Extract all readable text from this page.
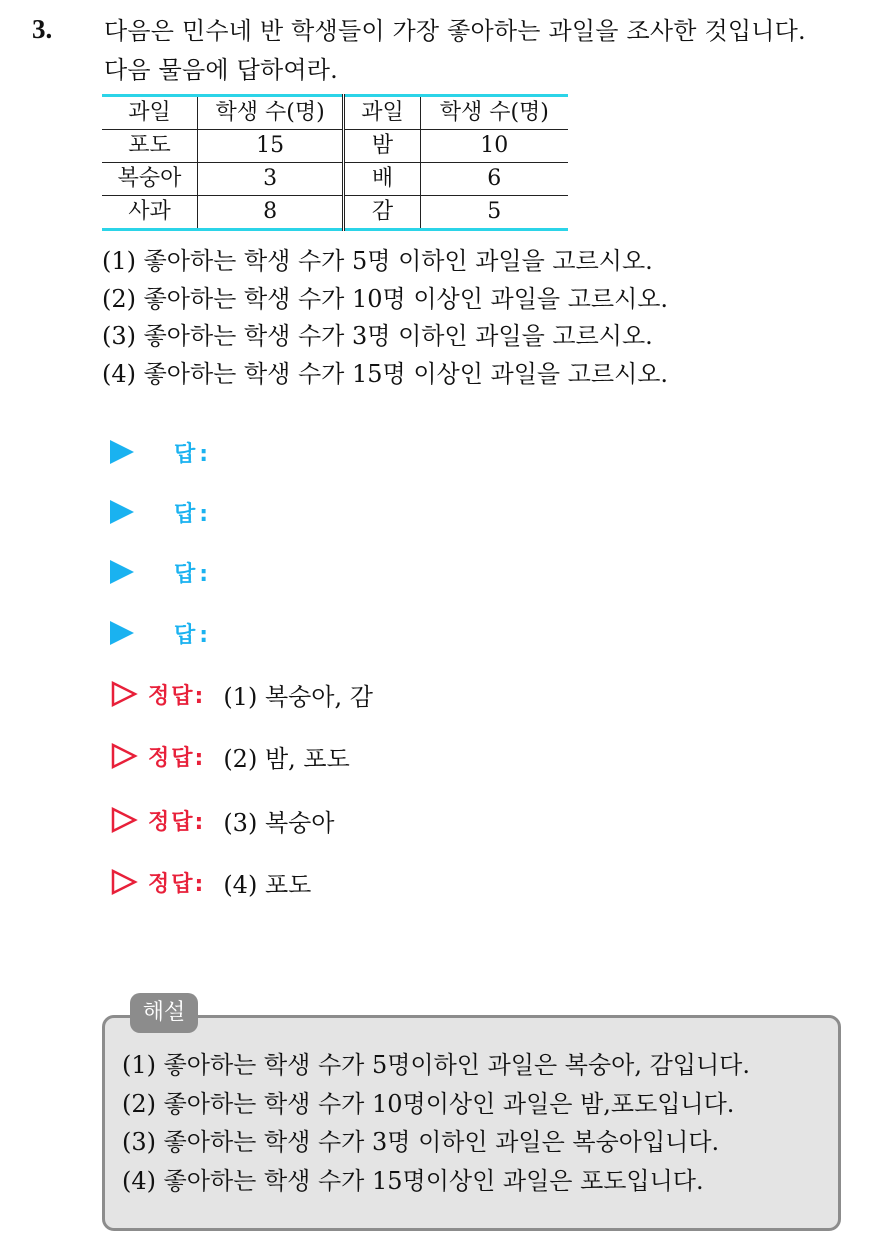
3. 다음은 민수네 반 학생들이 가장 좋아하는 과일을 조사한 것입니다.
다음 물음에 답하여라.
과일	학생 수(명)	과일	학생 수(명)
포도	15	밤	10
복숭아	3	배	6
사과	8	감	5
(1) 좋아하는 학생 수가 5명 이하인 과일을 고르시오.
(2) 좋아하는 학생 수가 10명 이상인 과일을 고르시오.
(3) 좋아하는 학생 수가 3명 이하인 과일을 고르시오.
(4) 좋아하는 학생 수가 15명 이상인 과일을 고르시오.
답:
답:
답:
답:
정답: (1) 복숭아, 감
정답: (2) 밤, 포도
정답: (3) 복숭아
정답: (4) 포도
해설
(1) 좋아하는 학생 수가 5명이하인 과일은 복숭아, 감입니다.
(2) 좋아하는 학생 수가 10명이상인 과일은 밤,포도입니다.
(3) 좋아하는 학생 수가 3명 이하인 과일은 복숭아입니다.
(4) 좋아하는 학생 수가 15명이상인 과일은 포도입니다.
